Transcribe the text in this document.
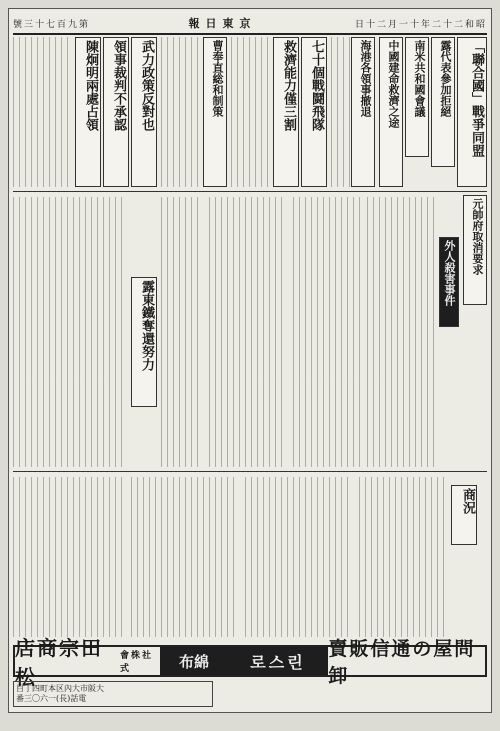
號三十七百九第	報日東京	日十二月一十年二十二和昭
「聯合國」戰爭同盟
露代表參加拒絕
南米共和國會議
中國建命救濟之途
海港各領事撤退
七十個戰鬪飛隊
救濟能力僅三割
曹奉直総和制策
武力政策反對也
領事裁判不承認
陳炯明兩處占領
元帥府取消要求
外人殺害事件
露東鐵奪還努力
商況
店商宗田松
會株社式	布綿	로스린
賣販信通の屋問卸
目丁四町本区內大市阪大
番三〇六一(長)話電
